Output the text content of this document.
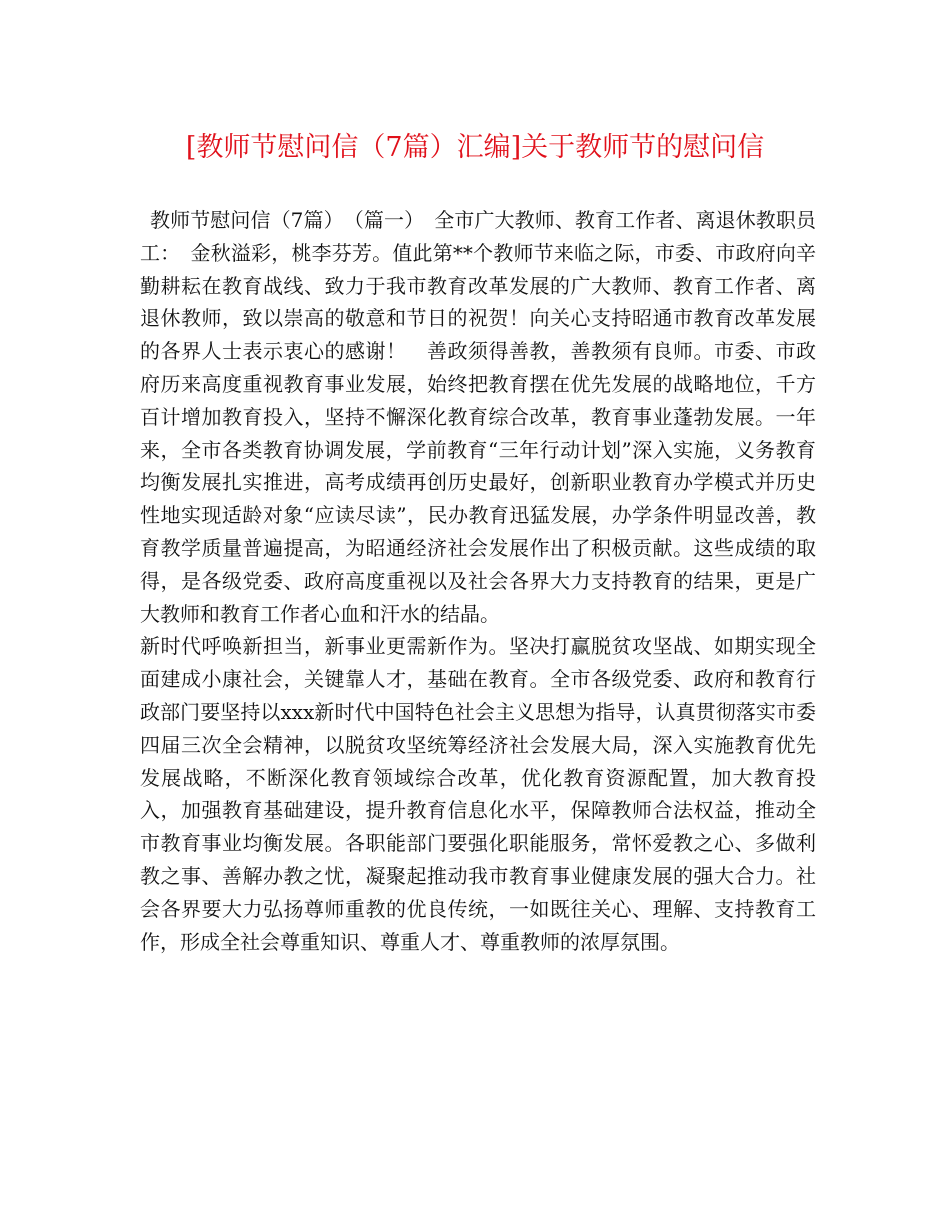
[教师节慰问信（7篇）汇编]关于教师节的慰问信

教师节慰问信（7篇）　（篇一）　全市广大教师、教育工作者、离退休教职员工：　金秋溢彩，桃李芬芳。值此第**个教师节来临之际，市委、市政府向辛勤耕耘在教育战线、致力于我市教育改革发展的广大教师、教育工作者、离退休教师，致以崇高的敬意和节日的祝贺！向关心支持昭通市教育改革发展的各界人士表示衷心的感谢！　善政须得善教，善教须有良师。市委、市政府历来高度重视教育事业发展，始终把教育摆在优先发展的战略地位，千方百计增加教育投入，坚持不懈深化教育综合改革，教育事业蓬勃发展。一年来，全市各类教育协调发展，学前教育“三年行动计划”深入实施，义务教育均衡发展扎实推进，高考成绩再创历史最好，创新职业教育办学模式并历史性地实现适龄对象“应读尽读”，民办教育迅猛发展，办学条件明显改善，教育教学质量普遍提高，为昭通经济社会发展作出了积极贡献。这些成绩的取得，是各级党委、政府高度重视以及社会各界大力支持教育的结果，更是广大教师和教育工作者心血和汗水的结晶。

新时代呼唤新担当，新事业更需新作为。坚决打赢脱贫攻坚战、如期实现全面建成小康社会，关键靠人才，基础在教育。全市各级党委、政府和教育行政部门要坚持以xxx新时代中国特色社会主义思想为指导，认真贯彻落实市委四届三次全会精神，以脱贫攻坚统筹经济社会发展大局，深入实施教育优先发展战略，不断深化教育领域综合改革，优化教育资源配置，加大教育投入，加强教育基础建设，提升教育信息化水平，保障教师合法权益，推动全市教育事业均衡发展。各职能部门要强化职能服务，常怀爱教之心、多做利教之事、善解办教之忧，凝聚起推动我市教育事业健康发展的强大合力。社会各界要大力弘扬尊师重教的优良传统，一如既往关心、理解、支持教育工作，形成全社会尊重知识、尊重人才、尊重教师的浓厚氛围。
